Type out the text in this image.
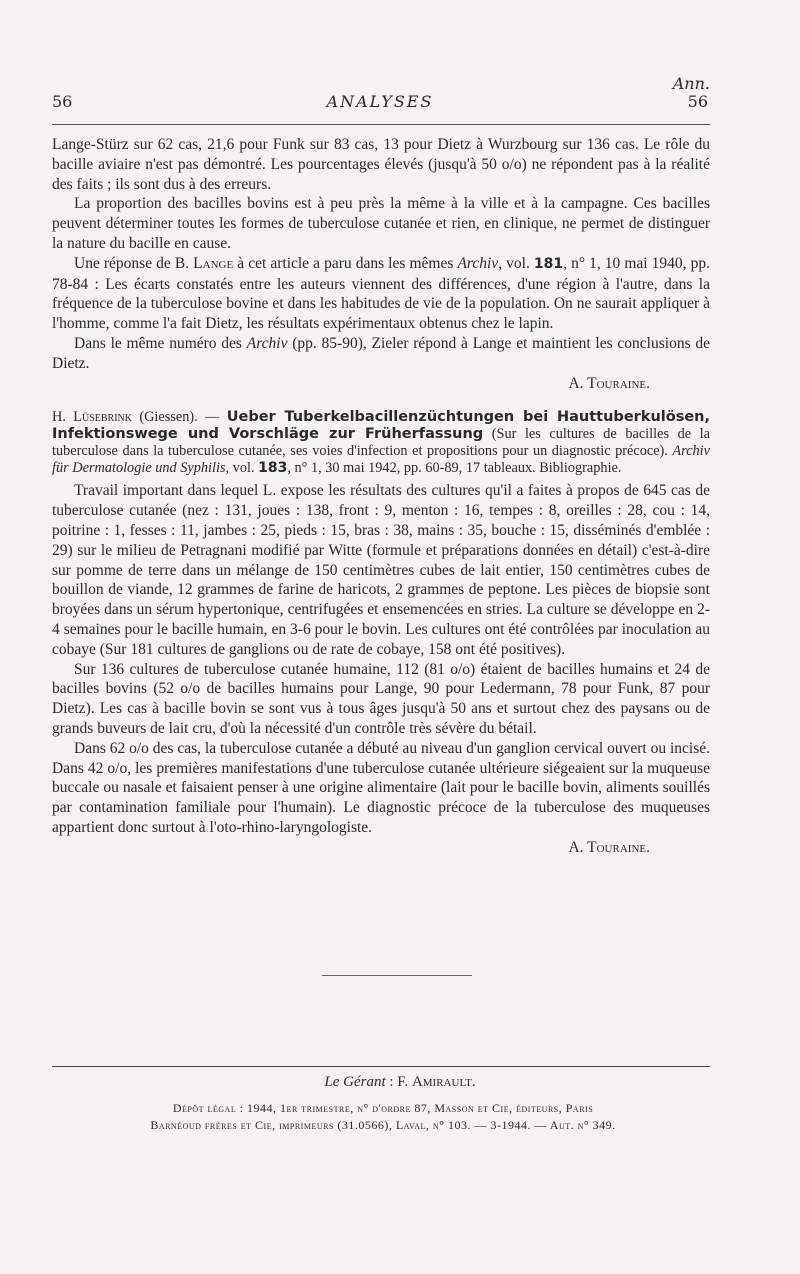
Ann.
56	ANALYSES	56

Lange-Stürz sur 62 cas, 21,6 pour Funk sur 83 cas, 13 pour Dietz à Wurzbourg sur 136 cas. Le rôle du bacille aviaire n'est pas démontré. Les pourcentages élevés (jusqu'à 50 o/o) ne répondent pas à la réalité des faits ; ils sont dus à des erreurs.

La proportion des bacilles bovins est à peu près la même à la ville et à la campagne. Ces bacilles peuvent déterminer toutes les formes de tuberculose cutanée et rien, en clinique, ne permet de distinguer la nature du bacille en cause.

Une réponse de B. Lange à cet article a paru dans les mêmes Archiv, vol. 181, n° 1, 10 mai 1940, pp. 78-84 : Les écarts constatés entre les auteurs viennent des différences, d'une région à l'autre, dans la fréquence de la tuberculose bovine et dans les habitudes de vie de la population. On ne saurait appliquer à l'homme, comme l'a fait Dietz, les résultats expérimentaux obtenus chez le lapin.

Dans le même numéro des Archiv (pp. 85-90), Zieler répond à Lange et maintient les conclusions de Dietz.

A. Touraine.

H. Lüsebrink (Giessen). — Ueber Tuberkelbacillenzüchtungen bei Hauttuberkulösen, Infektionswege und Vorschläge zur Früherfassung (Sur les cultures de bacilles de la tuberculose dans la tuberculose cutanée, ses voies d'infection et propositions pour un diagnostic précoce). Archiv für Dermatologie und Syphilis, vol. 183, n° 1, 30 mai 1942, pp. 60-89, 17 tableaux. Bibliographie.

Travail important dans lequel L. expose les résultats des cultures qu'il a faites à propos de 645 cas de tuberculose cutanée (nez : 131, joues : 138, front : 9, menton : 16, tempes : 8, oreilles : 28, cou : 14, poitrine : 1, fesses : 11, jambes : 25, pieds : 15, bras : 38, mains : 35, bouche : 15, disséminés d'emblée : 29) sur le milieu de Petragnani modifié par Witte (formule et préparations données en détail) c'est-à-dire sur pomme de terre dans un mélange de 150 centimètres cubes de lait entier, 150 centimètres cubes de bouillon de viande, 12 grammes de farine de haricots, 2 grammes de peptone. Les pièces de biopsie sont broyées dans un sérum hypertonique, centrifugées et ensemencées en stries. La culture se développe en 2-4 semaines pour le bacille humain, en 3-6 pour le bovin. Les cultures ont été contrôlées par inoculation au cobaye (Sur 181 cultures de ganglions ou de rate de cobaye, 158 ont été positives).

Sur 136 cultures de tuberculose cutanée humaine, 112 (81 o/o) étaient de bacilles humains et 24 de bacilles bovins (52 o/o de bacilles humains pour Lange, 90 pour Ledermann, 78 pour Funk, 87 pour Dietz). Les cas à bacille bovin se sont vus à tous âges jusqu'à 50 ans et surtout chez des paysans ou de grands buveurs de lait cru, d'où la nécessité d'un contrôle très sévère du bétail.

Dans 62 o/o des cas, la tuberculose cutanée a débuté au niveau d'un ganglion cervical ouvert ou incisé. Dans 42 o/o, les premières manifestations d'une tuberculose cutanée ultérieure siégeaient sur la muqueuse buccale ou nasale et faisaient penser à une origine alimentaire (lait pour le bacille bovin, aliments souillés par contamination familiale pour l'humain). Le diagnostic précoce de la tuberculose des muqueuses appartient donc surtout à l'oto-rhino-laryngologiste.

A. Touraine.

Le Gérant : F. Amirault.
Dépôt légal : 1944, 1er trimestre, n° d'ordre 87, Masson et Cie, éditeurs, Paris
Barnéoud frères et Cie, imprimeurs (31.0566), Laval, n° 103. — 3-1944. — Aut. n° 349.
